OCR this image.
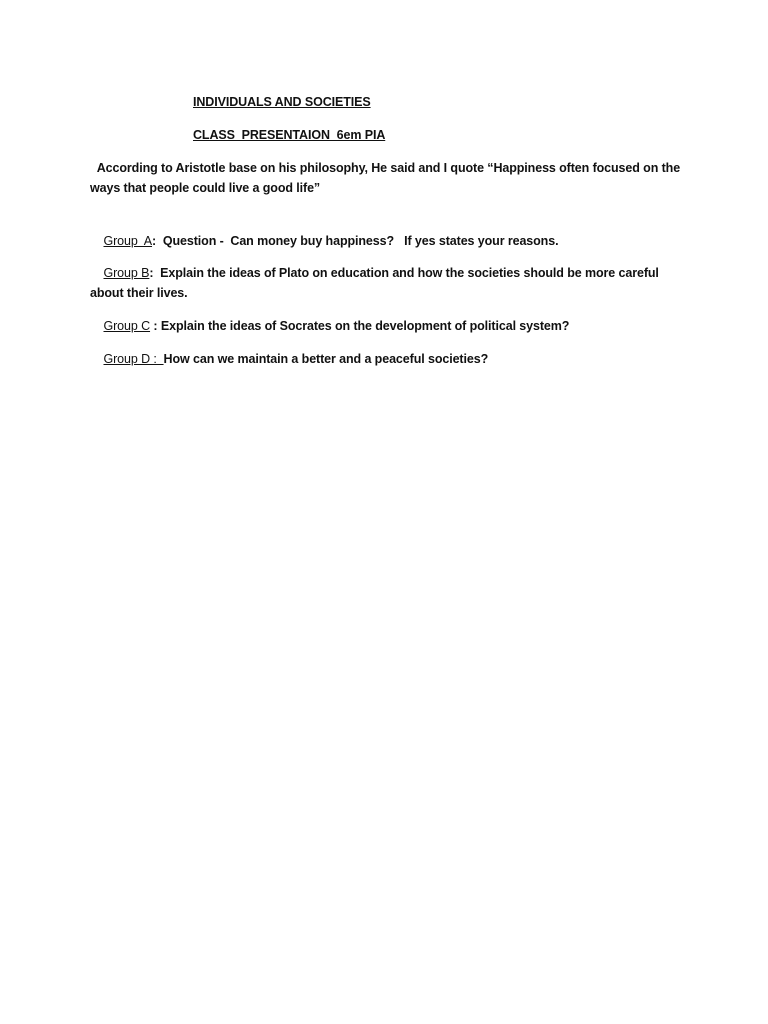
INDIVIDUALS AND SOCIETIES
CLASS  PRESENTAION  6em PIA
According to Aristotle base on his philosophy, He said and I quote “Happiness often focused on the ways that people could live a good life”

Group  A:  Question -  Can money buy happiness?   If yes states your reasons.

Group B:  Explain the ideas of Plato on education and how the societies should be more careful about their lives.

Group C : Explain the ideas of Socrates on the development of political system?

Group D :  How can we maintain a better and a peaceful societies?
